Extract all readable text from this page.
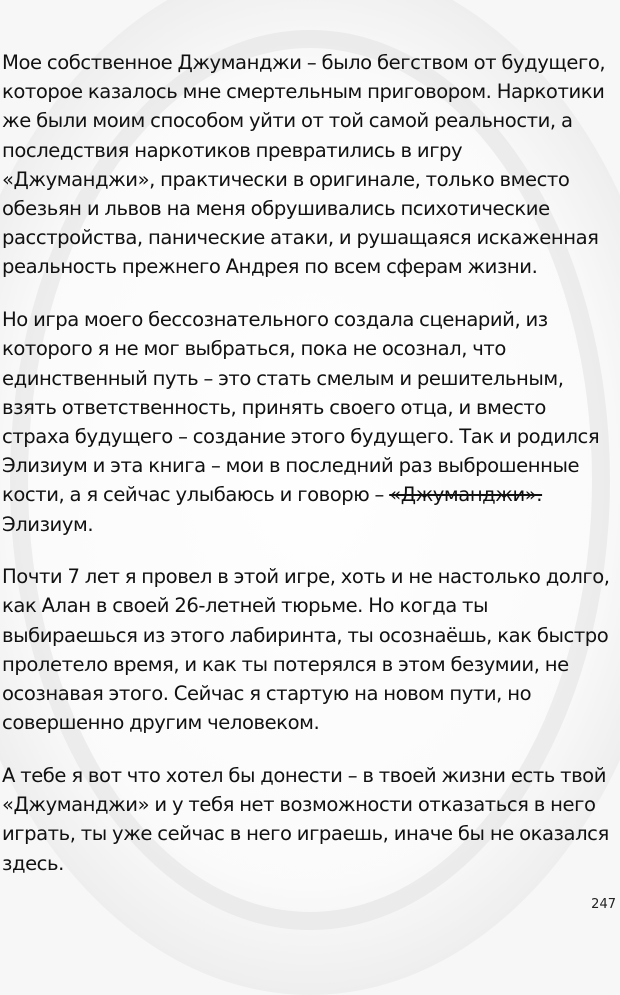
Мое собственное Джуманджи – было бегством от будущего,
которое казалось мне смертельным приговором. Наркотики
же были моим способом уйти от той самой реальности, а
последствия наркотиков превратились в игру
«Джуманджи», практически в оригинале, только вместо
обезьян и львов на меня обрушивались психотические
расстройства, панические атаки, и рушащаяся искаженная
реальность прежнего Андрея по всем сферам жизни.

Но игра моего бессознательного создала сценарий, из
которого я не мог выбраться, пока не осознал, что
единственный путь – это стать смелым и решительным,
взять ответственность, принять своего отца, и вместо
страха будущего – создание этого будущего. Так и родился
Элизиум и эта книга – мои в последний раз выброшенные
кости, а я сейчас улыбаюсь и говорю – «Джуманджи».
Элизиум.

Почти 7 лет я провел в этой игре, хоть и не настолько долго,
как Алан в своей 26-летней тюрьме. Но когда ты
выбираешься из этого лабиринта, ты осознаёшь, как быстро
пролетело время, и как ты потерялся в этом безумии, не
осознавая этого. Сейчас я стартую на новом пути, но
совершенно другим человеком.

А тебе я вот что хотел бы донести – в твоей жизни есть твой
«Джуманджи» и у тебя нет возможности отказаться в него
играть, ты уже сейчас в него играешь, иначе бы не оказался
здесь.

247
